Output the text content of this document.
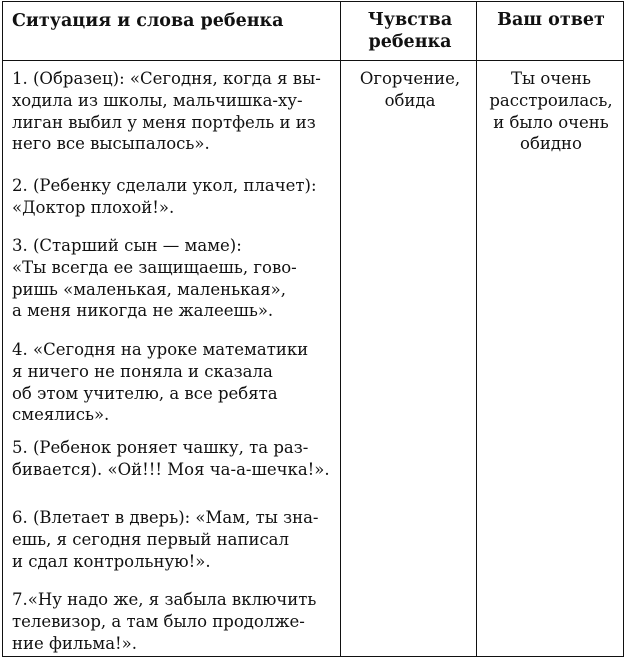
Ситуация и слова ребенка	Чувства
ребенка
Ваш ответ
1. (Образец): «Сегодня, когда я вы-
ходила из школы, мальчишка-ху-
лиган выбил у меня портфель и из
него все высыпалось».
2. (Ребенку сделали укол, плачет):
«Доктор плохой!».
3. (Старший сын — маме):
«Ты всегда ее защищаешь, гово-
ришь «маленькая, маленькая»,
а меня никогда не жалеешь».
4. «Сегодня на уроке математики
я ничего не поняла и сказала
об этом учителю, а все ребята
смеялись».
5. (Ребенок роняет чашку, та раз-
бивается). «Ой!!! Моя ча-а-шечка!».
6. (Влетает в дверь): «Мам, ты зна-
ешь, я сегодня первый написал
и сдал контрольную!».
7.«Ну надо же, я забыла включить
телевизор, а там было продолже-
ние фильма!».
Огорчение,
обида
Ты очень
расстроилась,
и было очень
обидно
